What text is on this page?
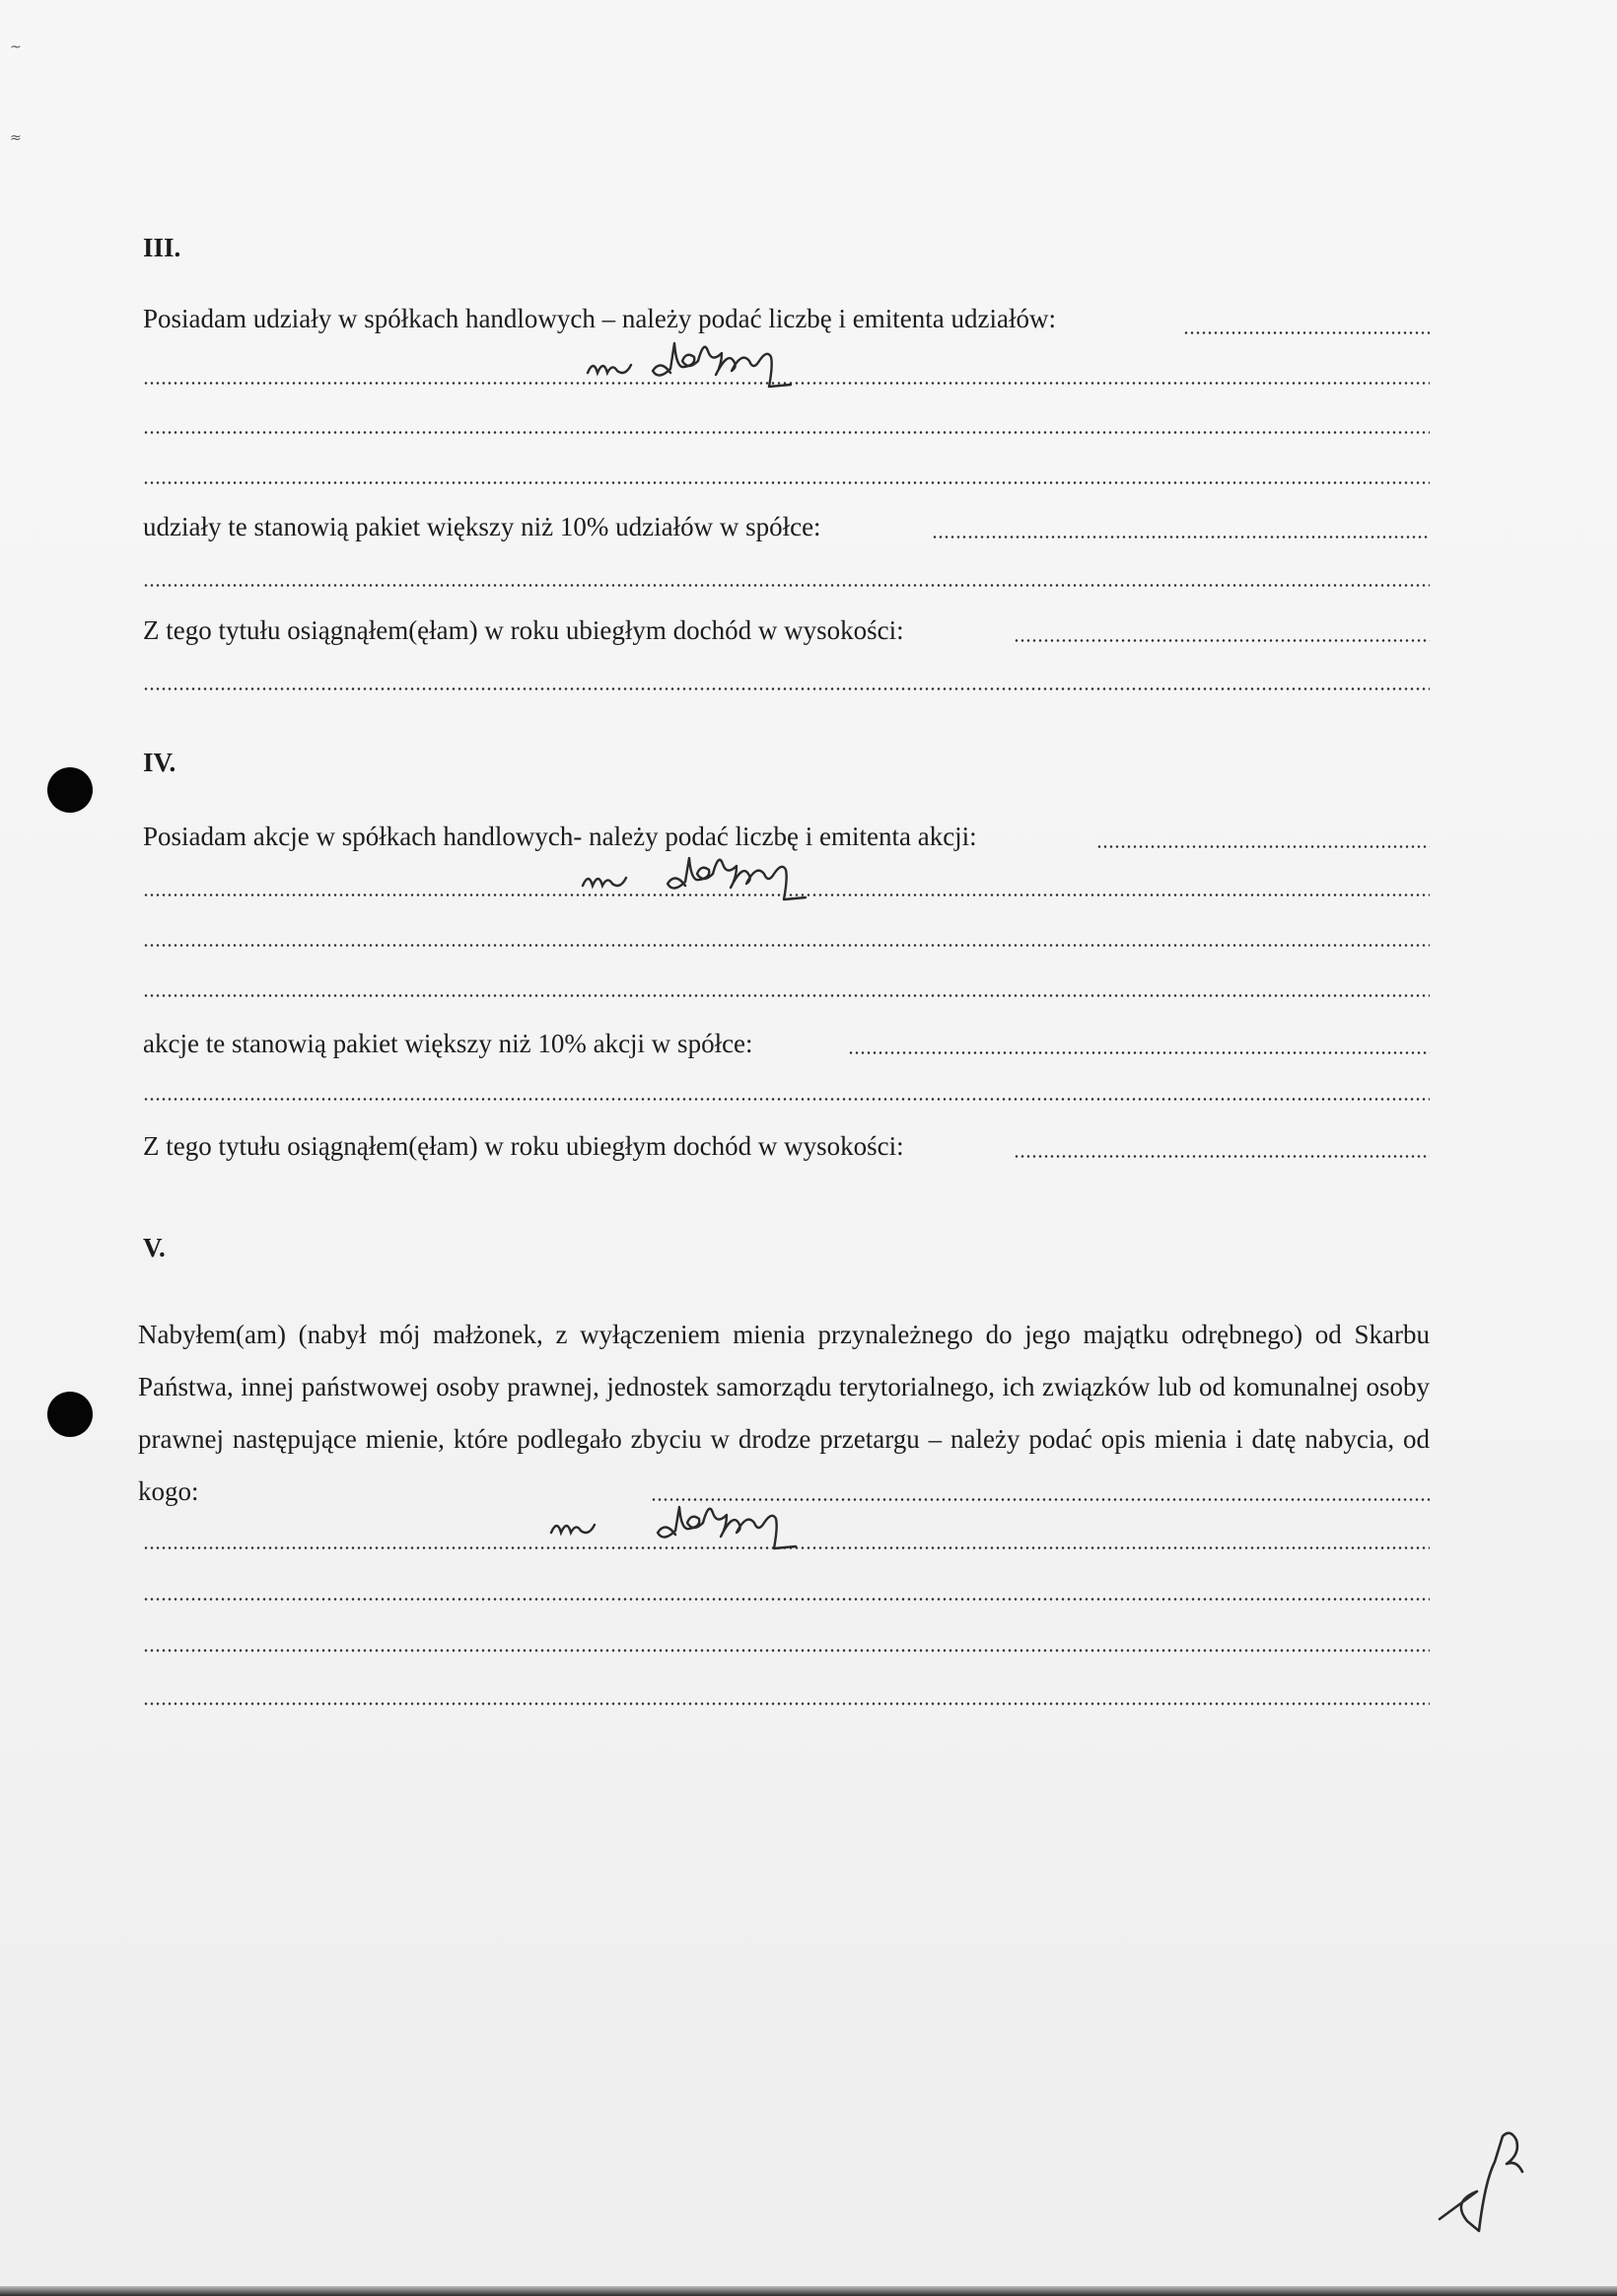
~
≈
III.
Posiadam udziały w spółkach handlowych – należy podać liczbę i emitenta udziałów:
nie dotyczy
udziały te stanowią pakiet większy niż 10% udziałów w spółce:
Z tego tytułu osiągnąłem(ęłam) w roku ubiegłym dochód w wysokości:
IV.
Posiadam akcje w spółkach handlowych- należy podać liczbę i emitenta akcji:
nie dotyczy
akcje te stanowią pakiet większy niż 10% akcji w spółce:
Z tego tytułu osiągnąłem(ęłam) w roku ubiegłym dochód w wysokości:
V.
Nabyłem(am) (nabył mój małżonek, z wyłączeniem mienia przynależnego do jego majątku odrębnego) od Skarbu Państwa, innej państwowej osoby prawnej, jednostek samorządu terytorialnego, ich związków lub od komunalnej osoby prawnej następujące mienie, które podlegało zbyciu w drodze przetargu – należy podać opis mienia i datę nabycia, od kogo:
nie dotyczy
